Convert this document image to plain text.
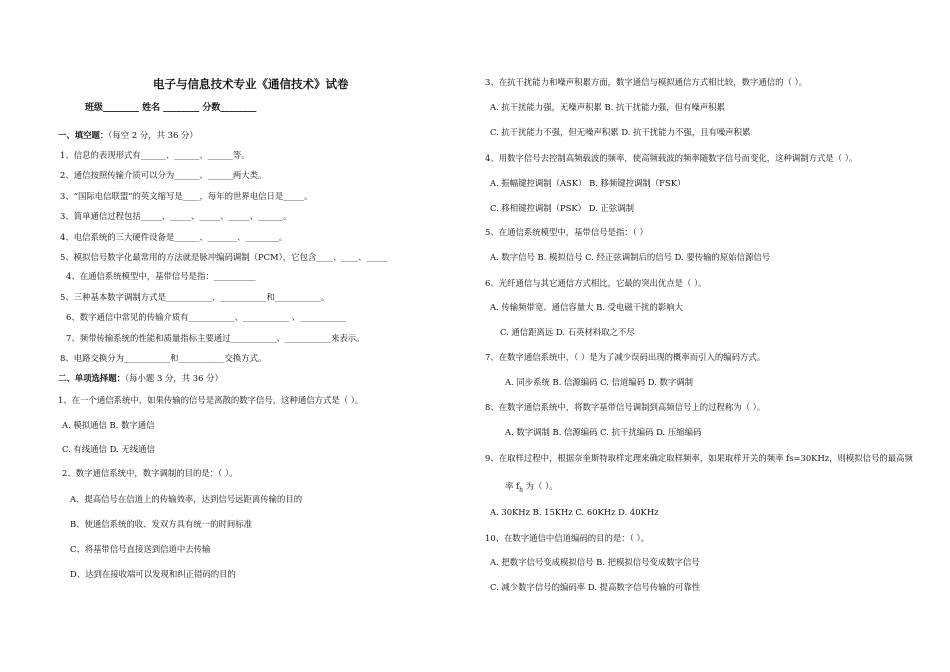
电子与信息技术专业《通信技术》试卷
班级________ 姓名 ________ 分数________
一、填空题：（每空 2 分，共 36 分）
1、信息的表现形式有______、______、______等。
2、通信按照传输介质可以分为______、______两大类。
3、“国际电信联盟”的英文缩写是____，每年的世界电信日是_____。
3、简单通信过程包括_____、_____、_____、_____、______。
4、电信系统的三大硬件设备是______、_______、________。
5、模拟信号数字化最常用的方法就是脉冲编码调制（PCM），它包含____、____、_____
4、在通信系统模型中，基带信号是指：__________
5、三种基本数字调制方式是___________、___________和___________。
6、数字通信中常见的传输介质有___________、___________ 、___________
7、频带传输系统的性能和质量指标主要通过___________、___________来表示。
8、电路交换分为___________和___________交换方式。
二、单项选择题：（每小题 3 分，共 36 分）
1、在一个通信系统中，如果传输的信号是离散的数字信号，这种通信方式是（ ）。
A. 模拟通信 B. 数字通信
C. 有线通信 D. 无线通信
2、数字通信系统中，数字调制的目的是：（ ）。
A、提高信号在信道上的传输效率，达到信号远距离传输的目的
B、使通信系统的收、发双方具有统一的时间标准
C、将基带信号直接送到信道中去传输
D、达到在接收端可以发现和纠正错码的目的
3、在抗干扰能力和噪声积累方面，数字通信与模拟通信方式相比较，数字通信的（ ）。
A. 抗干扰能力强，无噪声积累 B. 抗干扰能力强，但有噪声积累
C. 抗干扰能力不强，但无噪声积累 D. 抗干扰能力不强，且有噪声积累
4、用数字信号去控制高频载波的频率，使高频载波的频率随数字信号而变化，这种调制方式是（ ）。
A. 振幅键控调制（ASK） B. 移频键控调制（FSK）
C. 移相键控调制（PSK） D. 正弦调制
5、在通信系统模型中，基带信号是指：（ ）
A. 数字信号 B. 模拟信号 C. 经正弦调制后的信号 D. 要传输的原始信源信号
6、光纤通信与其它通信方式相比，它最的突出优点是（ ）。
A. 传输频带宽、通信容量大 B. 受电磁干扰的影响大
C. 通信距离远 D. 石英材料取之不尽
7、在数字通信系统中，（ ）是为了减少误码出现的概率而引入的编码方式。
A. 同步系统 B. 信源编码 C. 信道编码 D. 数字调制
8、在数字通信系统中，将数字基带信号调制到高频信号上的过程称为（ ）。
A. 数字调制 B. 信源编码 C. 抗干扰编码 D. 压缩编码
9、在取样过程中，根据奈奎斯特取样定理来确定取样频率，如果取样开关的频率 fs=30KHz，则模拟信号的最高频
率 $f_h$ 为（ ）。
A. 30KHz B. 15KHz C. 60KHz D. 40KHz
10、在数字通信中信道编码的目的是：（ ）。
A. 把数字信号变成模拟信号 B. 把模拟信号变成数字信号
C. 减少数字信号的编码率 D. 提高数字信号传输的可靠性
